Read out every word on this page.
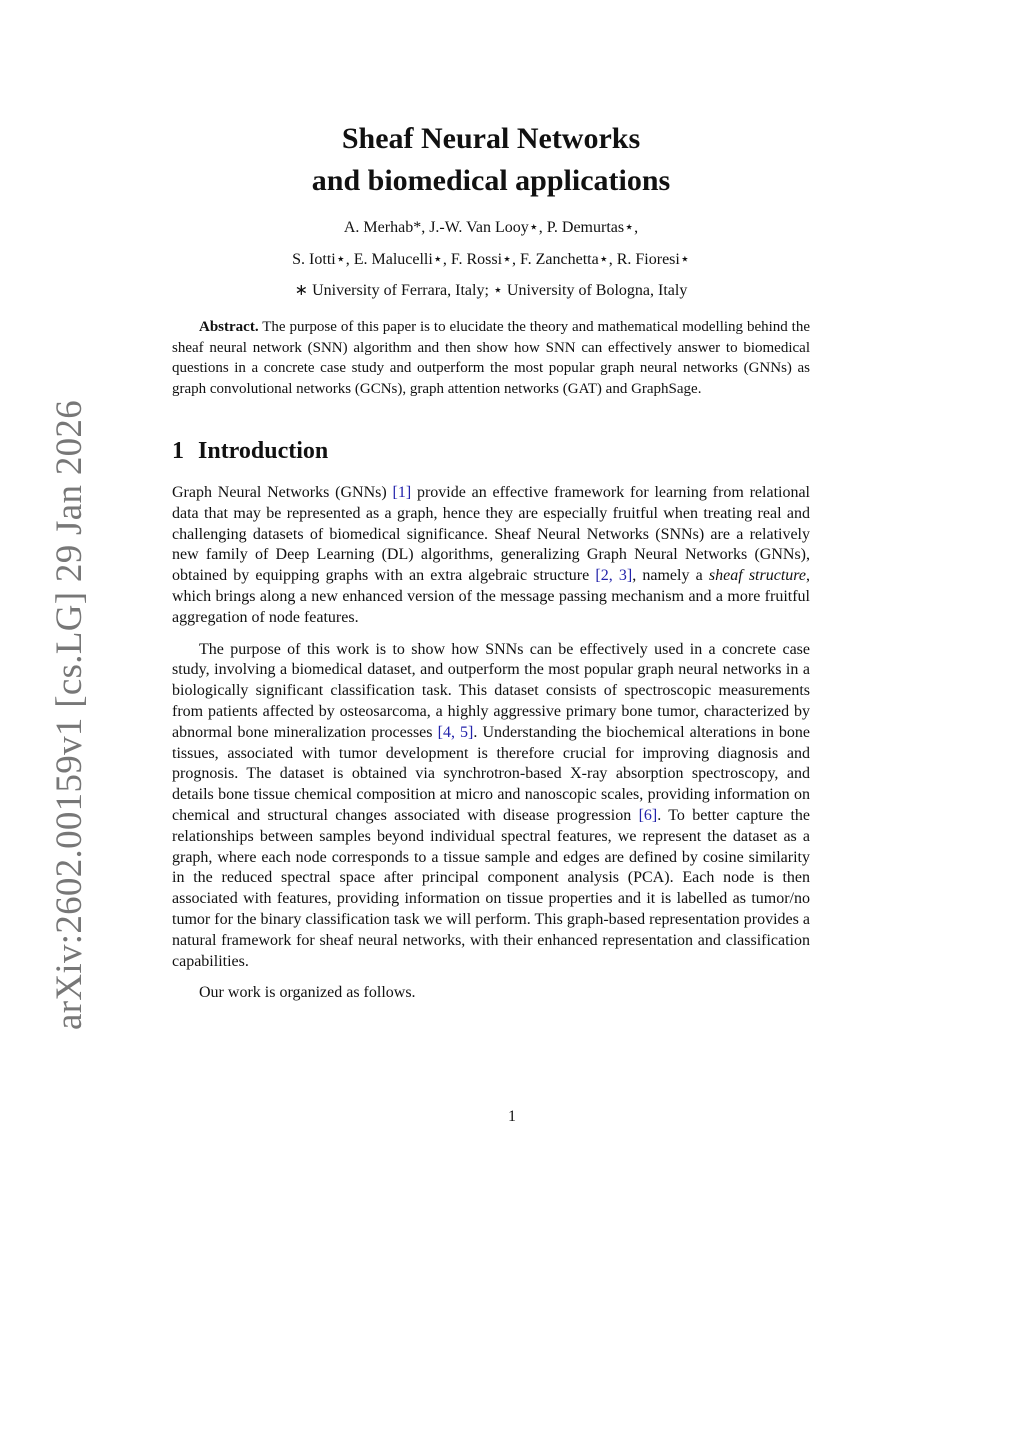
arXiv:2602.00159v1 [cs.LG] 29 Jan 2026
Sheaf Neural Networks
and biomedical applications
A. Merhab*, J.-W. Van Looy⋆, P. Demurtas⋆,
S. Iotti⋆, E. Malucelli⋆, F. Rossi⋆, F. Zanchetta⋆, R. Fioresi⋆
∗ University of Ferrara, Italy; ⋆ University of Bologna, Italy

Abstract. The purpose of this paper is to elucidate the theory and mathematical modelling behind the sheaf neural network (SNN) algorithm and then show how SNN can effectively answer to biomedical questions in a concrete case study and outperform the most popular graph neural networks (GNNs) as graph convolutional networks (GCNs), graph attention networks (GAT) and GraphSage.

1 Introduction

Graph Neural Networks (GNNs) [1] provide an effective framework for learning from relational data that may be represented as a graph, hence they are especially fruitful when treating real and challenging datasets of biomedical significance. Sheaf Neural Networks (SNNs) are a relatively new family of Deep Learning (DL) algorithms, generalizing Graph Neural Networks (GNNs), obtained by equipping graphs with an extra algebraic structure [2, 3], namely a sheaf structure, which brings along a new enhanced version of the message passing mechanism and a more fruitful aggregation of node features.

The purpose of this work is to show how SNNs can be effectively used in a concrete case study, involving a biomedical dataset, and outperform the most popular graph neural networks in a biologically significant classification task. This dataset consists of spectroscopic measurements from patients affected by osteosarcoma, a highly aggressive primary bone tumor, characterized by abnormal bone mineralization processes [4, 5]. Understanding the biochemical alterations in bone tissues, associated with tumor development is therefore crucial for improving diagnosis and prognosis. The dataset is obtained via synchrotron-based X-ray absorption spectroscopy, and details bone tissue chemical composition at micro and nanoscopic scales, providing information on chemical and structural changes associated with disease progression [6]. To better capture the relationships between samples beyond individual spectral features, we represent the dataset as a graph, where each node corresponds to a tissue sample and edges are defined by cosine similarity in the reduced spectral space after principal component analysis (PCA). Each node is then associated with features, providing information on tissue properties and it is labelled as tumor/no tumor for the binary classification task we will perform. This graph-based representation provides a natural framework for sheaf neural networks, with their enhanced representation and classification capabilities.

Our work is organized as follows.

1
